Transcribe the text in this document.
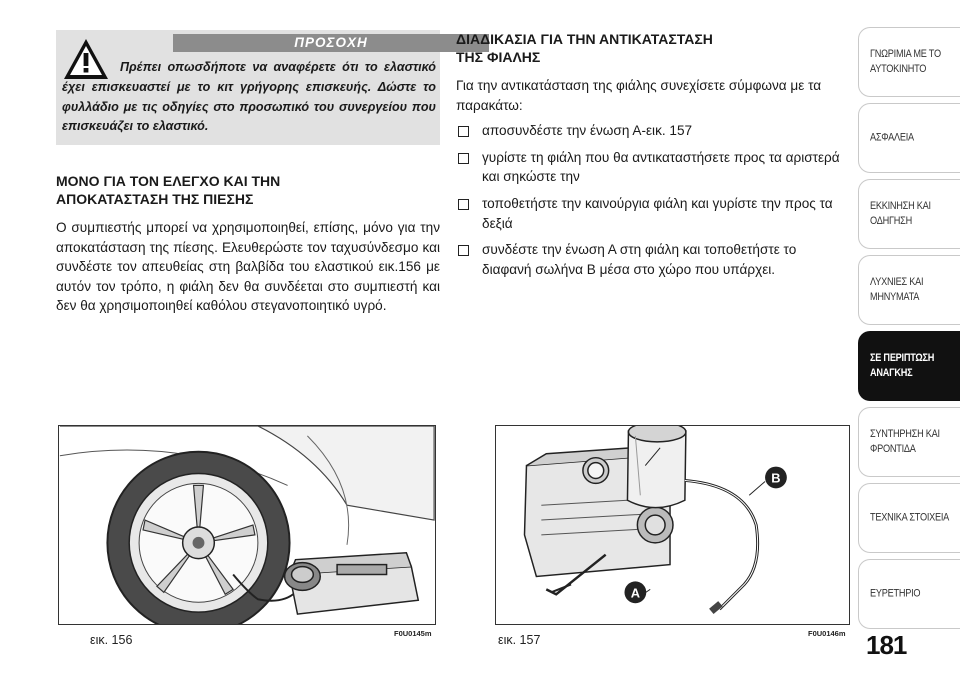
ΠΡΟΣΟΧΗ

Πρέπει οπωσδήποτε να αναφέρετε ότι το ελαστικό έχει επισκευαστεί με το κιτ γρήγορης επισκευής. Δώστε το φυλλάδιο με τις οδηγίες στο προσωπικό του συνεργείου που επισκευάζει το ελαστικό.

ΜΟΝΟ ΓΙΑ ΤΟΝ ΕΛΕΓΧΟ ΚΑΙ ΤΗΝ
ΑΠΟΚΑΤΑΣΤΑΣΗ ΤΗΣ ΠΙΕΣΗΣ

Ο συμπιεστής μπορεί να χρησιμοποιηθεί, επίσης, μόνο για την αποκατάσταση της πίεσης. Ελευθερώστε τον ταχυσύνδεσμο και συνδέστε τον απευθείας στη βαλβίδα του ελαστικού εικ.156 με αυτόν τον τρόπο, η φιάλη δεν θα συνδέεται στο συμπιεστή και δεν θα χρησιμοποιηθεί καθόλου στεγανοποιητικό υγρό.

ΔΙΑΔΙΚΑΣΙΑ ΓΙΑ ΤΗΝ ΑΝΤΙΚΑΤΑΣΤΑΣΗ
ΤΗΣ ΦΙΑΛΗΣ

Για την αντικατάσταση της φιάλης συνεχίσετε σύμφωνα με τα παρακάτω:

αποσυνδέστε την ένωση Α-εικ. 157
γυρίστε τη φιάλη που θα αντικαταστήσετε προς τα αριστερά και σηκώστε την
τοποθετήστε την καινούργια φιάλη και γυρίστε την προς τα δεξιά
συνδέστε την ένωση Α στη φιάλη και τοποθετήστε το διαφανή σωλήνα Β μέσα στο χώρο που υπάρχει.
εικ. 156	F0U0145m
A
B
εικ. 157	F0U0146m 181
ΓΝΩΡΙΜΙΑ ΜΕ ΤΟ
ΑΥΤΟΚΙΝΗΤΟ
ΑΣΦΑΛΕΙΑ
ΕΚΚΙΝΗΣΗ ΚΑΙ
ΟΔΗΓΗΣΗ
ΛΥΧΝΙΕΣ ΚΑΙ
ΜΗΝΥΜΑΤΑ
ΣΕ ΠΕΡΙΠΤΩΣΗ
ΑΝΑΓΚΗΣ
ΣΥΝΤΗΡΗΣΗ ΚΑΙ
ΦΡΟΝΤΙΔΑ
ΤΕΧΝΙΚΑ ΣΤΟΙΧΕΙΑ
ΕΥΡΕΤΗΡΙΟ
